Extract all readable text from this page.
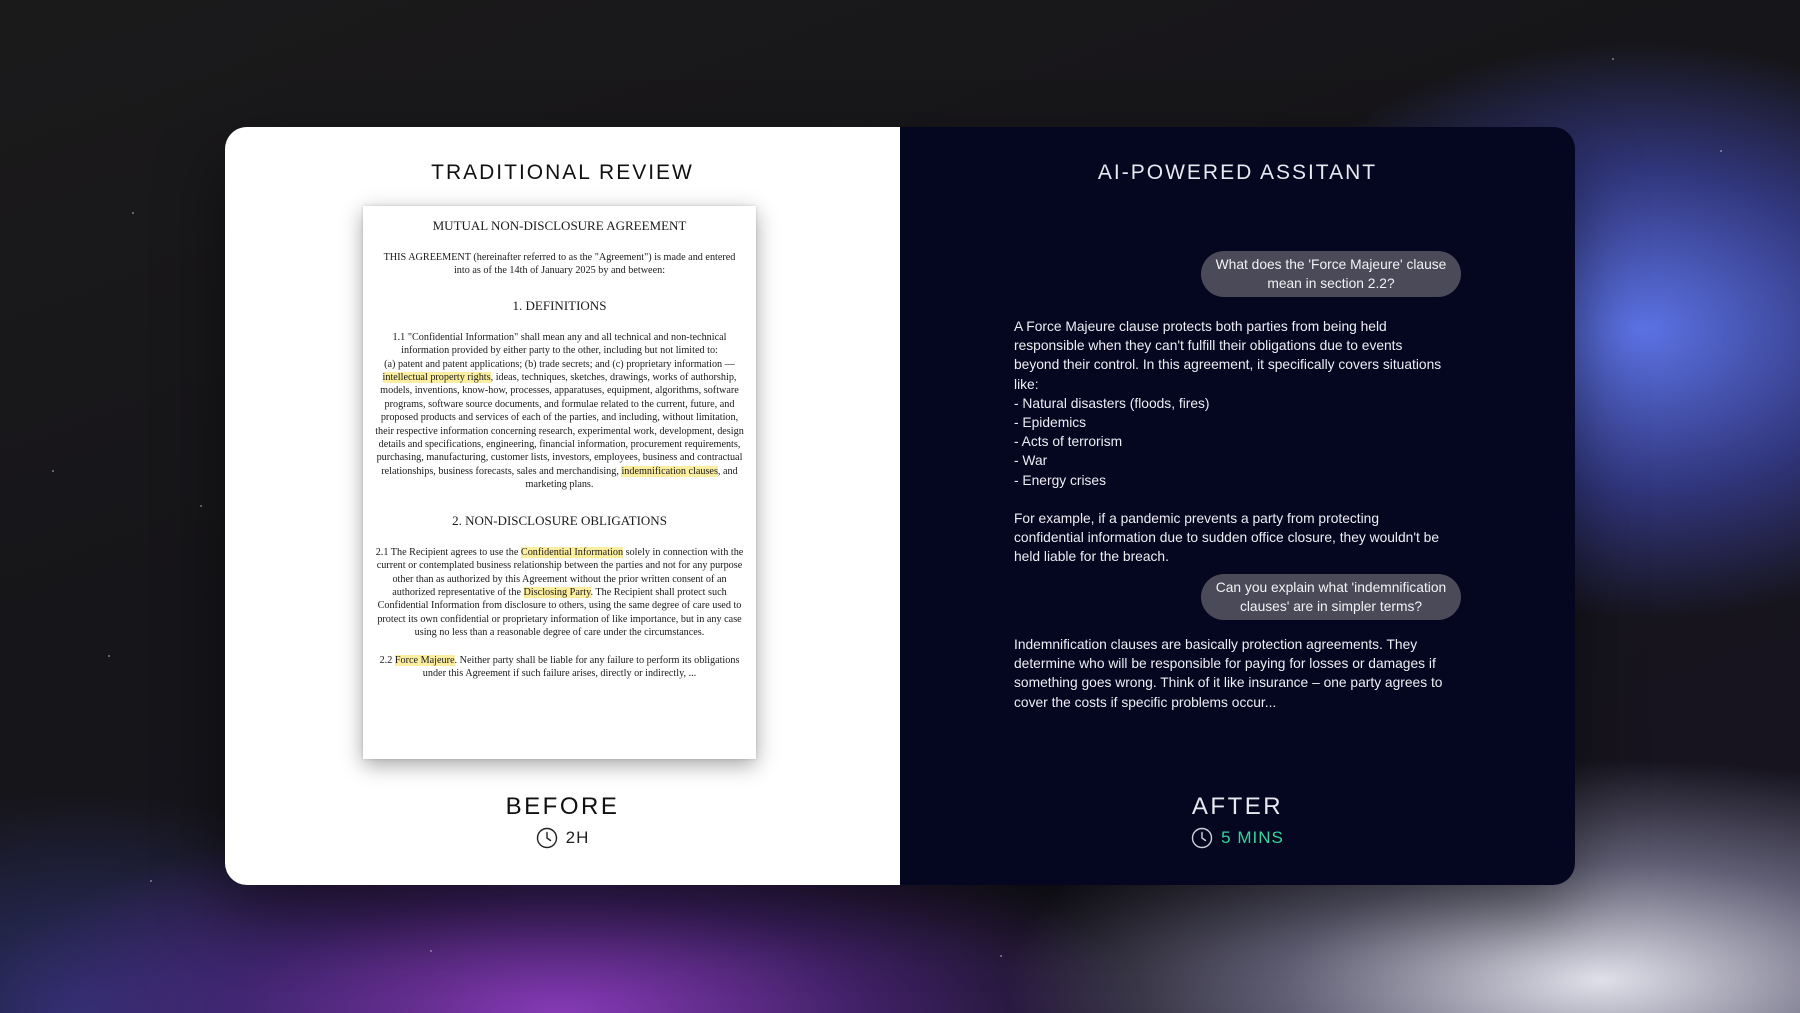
TRADITIONAL REVIEW
MUTUAL NON-DISCLOSURE AGREEMENT
THIS AGREEMENT (hereinafter referred to as the "Agreement") is made and entered into as of the 14th of January 2025 by and between:
1. DEFINITIONS
1.1 "Confidential Information" shall mean any and all technical and non-technical information provided by either party to the other, including but not limited to:
(a) patent and patent applications; (b) trade secrets; and (c) proprietary information — intellectual property rights, ideas, techniques, sketches, drawings, works of authorship, models, inventions, know-how, processes, apparatuses, equipment, algorithms, software programs, software source documents, and formulae related to the current, future, and proposed products and services of each of the parties, and including, without limitation, their respective information concerning research, experimental work, development, design details and specifications, engineering, financial information, procurement requirements, purchasing, manufacturing, customer lists, investors, employees, business and contractual relationships, business forecasts, sales and merchandising, indemnification clauses, and marketing plans.
2. NON-DISCLOSURE OBLIGATIONS
2.1 The Recipient agrees to use the Confidential Information solely in connection with the current or contemplated business relationship between the parties and not for any purpose other than as authorized by this Agreement without the prior written consent of an authorized representative of the Disclosing Party. The Recipient shall protect such Confidential Information from disclosure to others, using the same degree of care used to protect its own confidential or proprietary information of like importance, but in any case using no less than a reasonable degree of care under the circumstances.
2.2 Force Majeure. Neither party shall be liable for any failure to perform its obligations under this Agreement if such failure arises, directly or indirectly, ...
BEFORE
2H
AI-POWERED ASSITANT
What does the 'Force Majeure' clause mean in section 2.2?
A Force Majeure clause protects both parties from being held
responsible when they can't fulfill their obligations due to events
beyond their control. In this agreement, it specifically covers situations
like:
- Natural disasters (floods, fires)
- Epidemics
- Acts of terrorism
- War
- Energy crises
For example, if a pandemic prevents a party from protecting
confidential information due to sudden office closure, they wouldn't be
held liable for the breach.
Can you explain what 'indemnification clauses' are in simpler terms?
Indemnification clauses are basically protection agreements. They
determine who will be responsible for paying for losses or damages if
something goes wrong. Think of it like insurance – one party agrees to
cover the costs if specific problems occur...
AFTER
5 MINS
